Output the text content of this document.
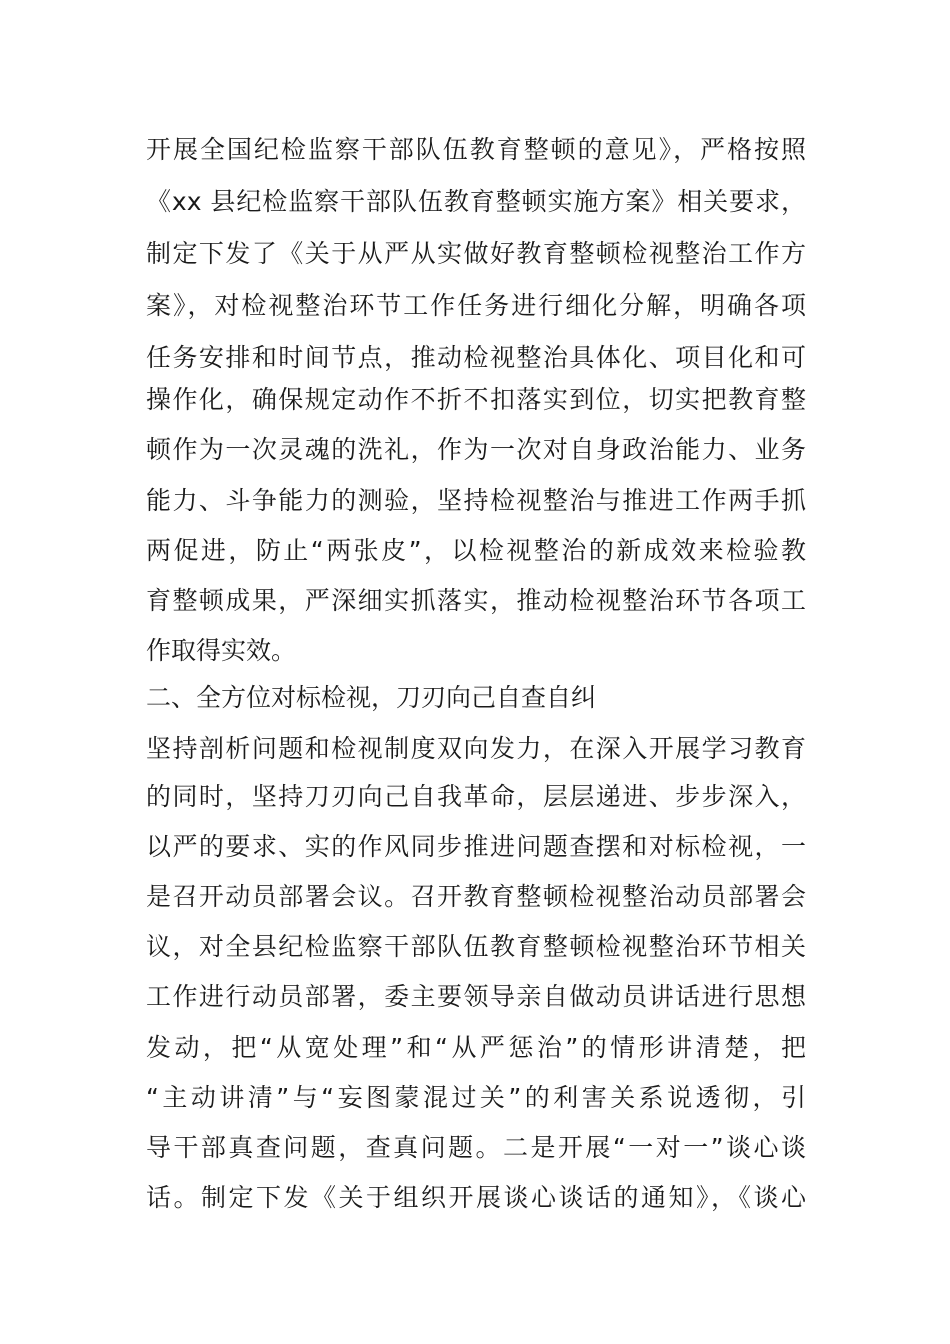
开展全国纪检监察干部队伍教育整顿的意见》，严格按照
《xx 县纪检监察干部队伍教育整顿实施方案》相关要求，
制定下发了《关于从严从实做好教育整顿检视整治工作方
案》，对检视整治环节工作任务进行细化分解，明确各项
任务安排和时间节点，推动检视整治具体化、项目化和可
操作化，确保规定动作不折不扣落实到位，切实把教育整
顿作为一次灵魂的洗礼，作为一次对自身政治能力、业务
能力、斗争能力的测验，坚持检视整治与推进工作两手抓
两促进，防止“两张皮”，以检视整治的新成效来检验教
育整顿成果，严深细实抓落实，推动检视整治环节各项工
作取得实效。
二、全方位对标检视，刀刃向己自查自纠
坚持剖析问题和检视制度双向发力，在深入开展学习教育
的同时，坚持刀刃向己自我革命，层层递进、步步深入，
以严的要求、实的作风同步推进问题查摆和对标检视，一
是召开动员部署会议。召开教育整顿检视整治动员部署会
议，对全县纪检监察干部队伍教育整顿检视整治环节相关
工作进行动员部署，委主要领导亲自做动员讲话进行思想
发动，把“从宽处理”和“从严惩治”的情形讲清楚，把
“主动讲清”与“妄图蒙混过关”的利害关系说透彻，引
导干部真查问题，查真问题。二是开展“一对一”谈心谈
话。制定下发《关于组织开展谈心谈话的通知》，《谈心
